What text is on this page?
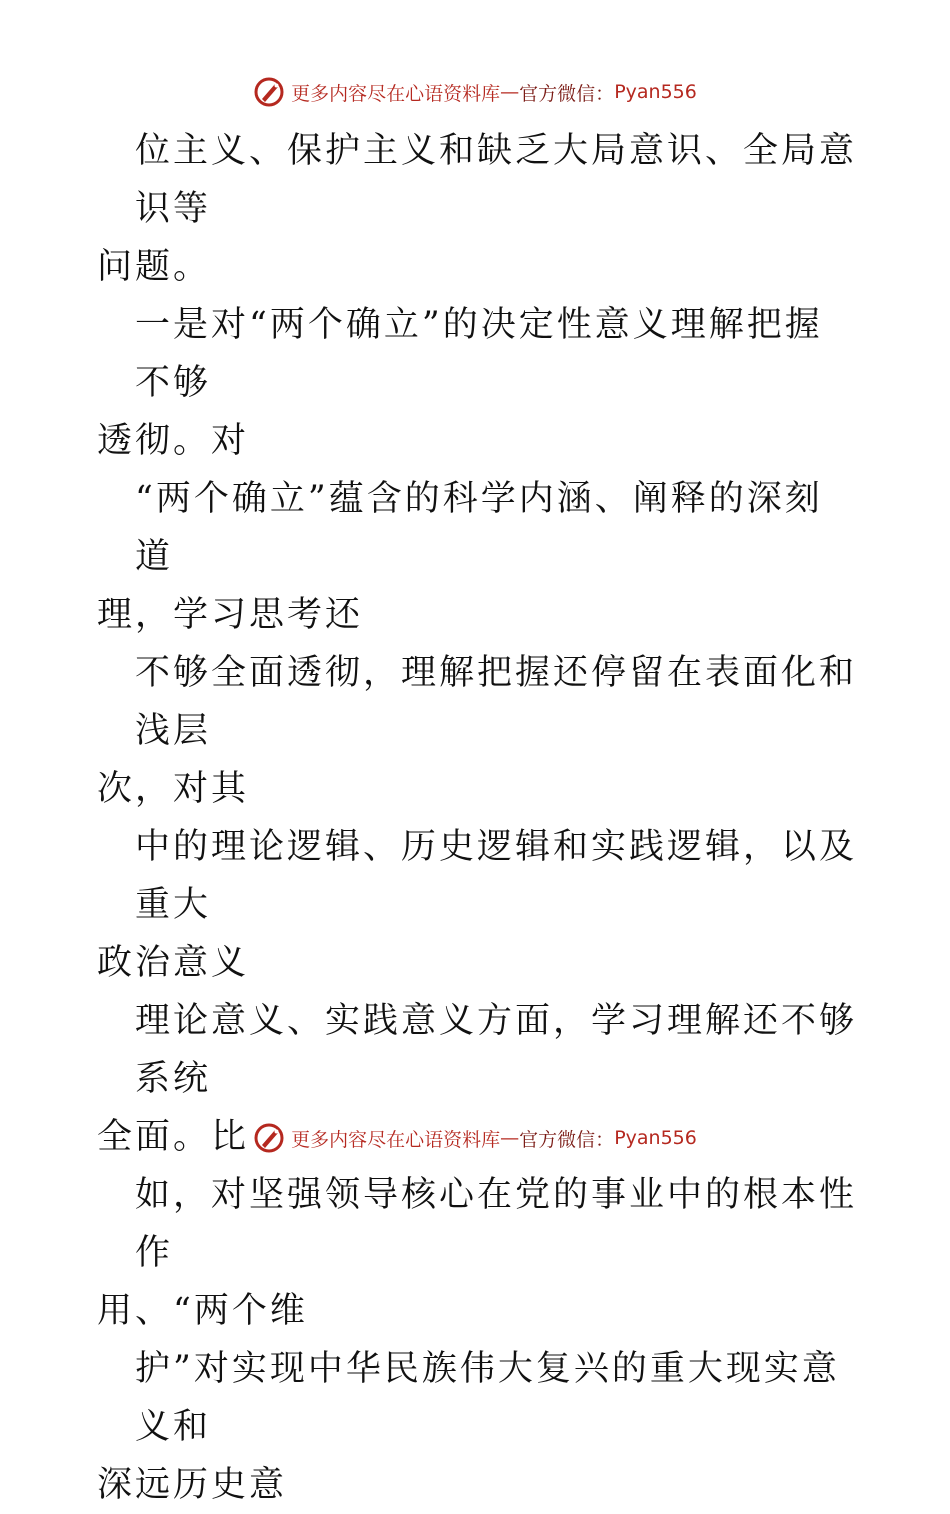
更多内容尽在心语资料库 — 官方微信： Pyan556

位主义、保护主义和缺乏大局意识、全局意识等

问题。

一是对“两个确立”的决定性意义理解把握不够

透彻。对

“两个确立”蕴含的科学内涵、阐释的深刻道

理，学习思考还

不够全面透彻，理解把握还停留在表面化和浅层

次，对其

中的理论逻辑、历史逻辑和实践逻辑，以及重大

政治意义

理论意义、实践意义方面，学习理解还不够系统

全面。比

如，对坚强领导核心在党的事业中的根本性作

用、“两个维

护”对实现中华民族伟大复兴的重大现实意义和

深远历史意

更多内容尽在心语资料库 — 官方微信： Pyan556
